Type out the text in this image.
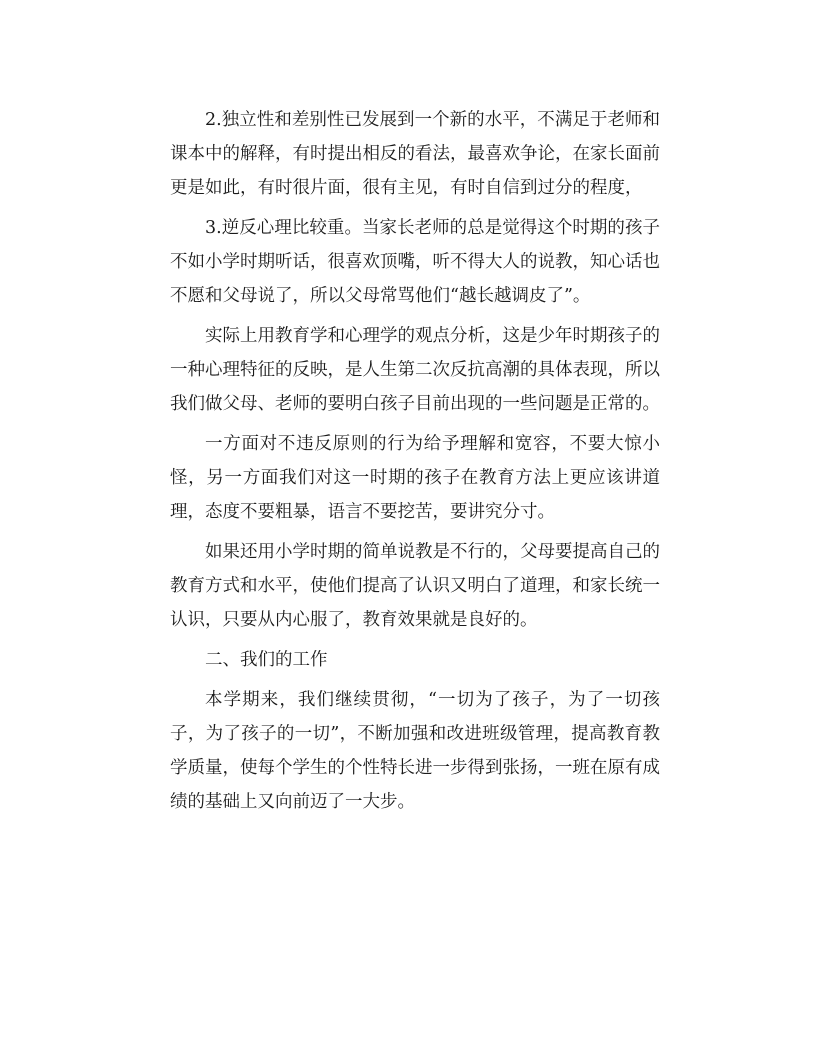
2.独立性和差别性已发展到一个新的水平，不满足于老师和课本中的解释，有时提出相反的看法，最喜欢争论，在家长面前更是如此，有时很片面，很有主见，有时自信到过分的程度，

3.逆反心理比较重。当家长老师的总是觉得这个时期的孩子不如小学时期听话，很喜欢顶嘴，听不得大人的说教，知心话也不愿和父母说了，所以父母常骂他们“越长越调皮了”。

实际上用教育学和心理学的观点分析，这是少年时期孩子的一种心理特征的反映，是人生第二次反抗高潮的具体表现，所以我们做父母、老师的要明白孩子目前出现的一些问题是正常的。

一方面对不违反原则的行为给予理解和宽容，不要大惊小怪，另一方面我们对这一时期的孩子在教育方法上更应该讲道理，态度不要粗暴，语言不要挖苦，要讲究分寸。

如果还用小学时期的简单说教是不行的，父母要提高自己的教育方式和水平，使他们提高了认识又明白了道理，和家长统一认识，只要从内心服了，教育效果就是良好的。

二、我们的工作

本学期来，我们继续贯彻，“一切为了孩子，为了一切孩子，为了孩子的一切”，不断加强和改进班级管理，提高教育教学质量，使每个学生的个性特长进一步得到张扬，一班在原有成绩的基础上又向前迈了一大步。
